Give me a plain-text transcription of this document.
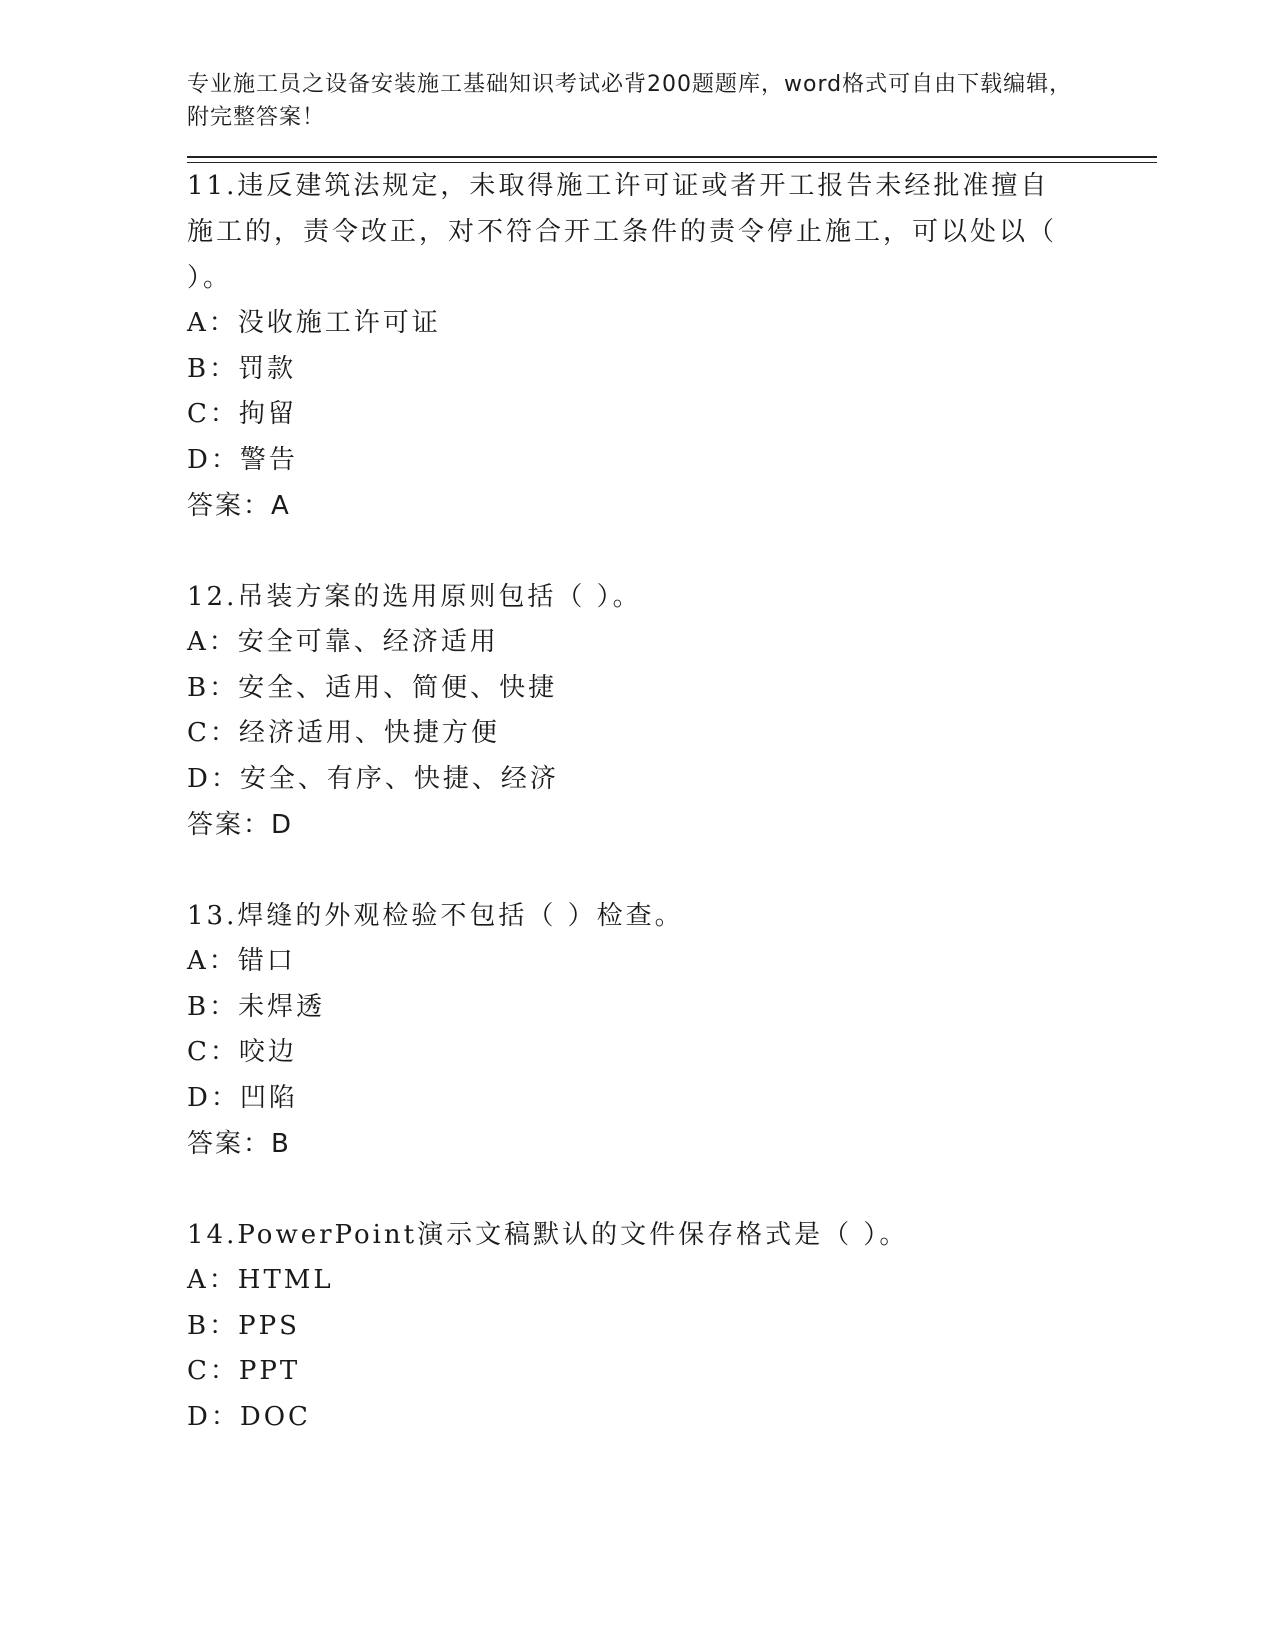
专业施工员之设备安装施工基础知识考试必背200题题库，word格式可自由下载编辑，附完整答案！

11.违反建筑法规定，未取得施工许可证或者开工报告未经批准擅自施工的，责令改正，对不符合开工条件的责令停止施工，可以处以（ ）。

A：没收施工许可证

B：罚款

C：拘留

D：警告

答案：A

12.吊装方案的选用原则包括（ ）。

A：安全可靠、经济适用

B：安全、适用、简便、快捷

C：经济适用、快捷方便

D：安全、有序、快捷、经济

答案：D

13.焊缝的外观检验不包括（ ）检查。

A：错口

B：未焊透

C：咬边

D：凹陷

答案：B

14.PowerPoint演示文稿默认的文件保存格式是（ ）。

A：HTML

B：PPS

C：PPT

D：DOC
